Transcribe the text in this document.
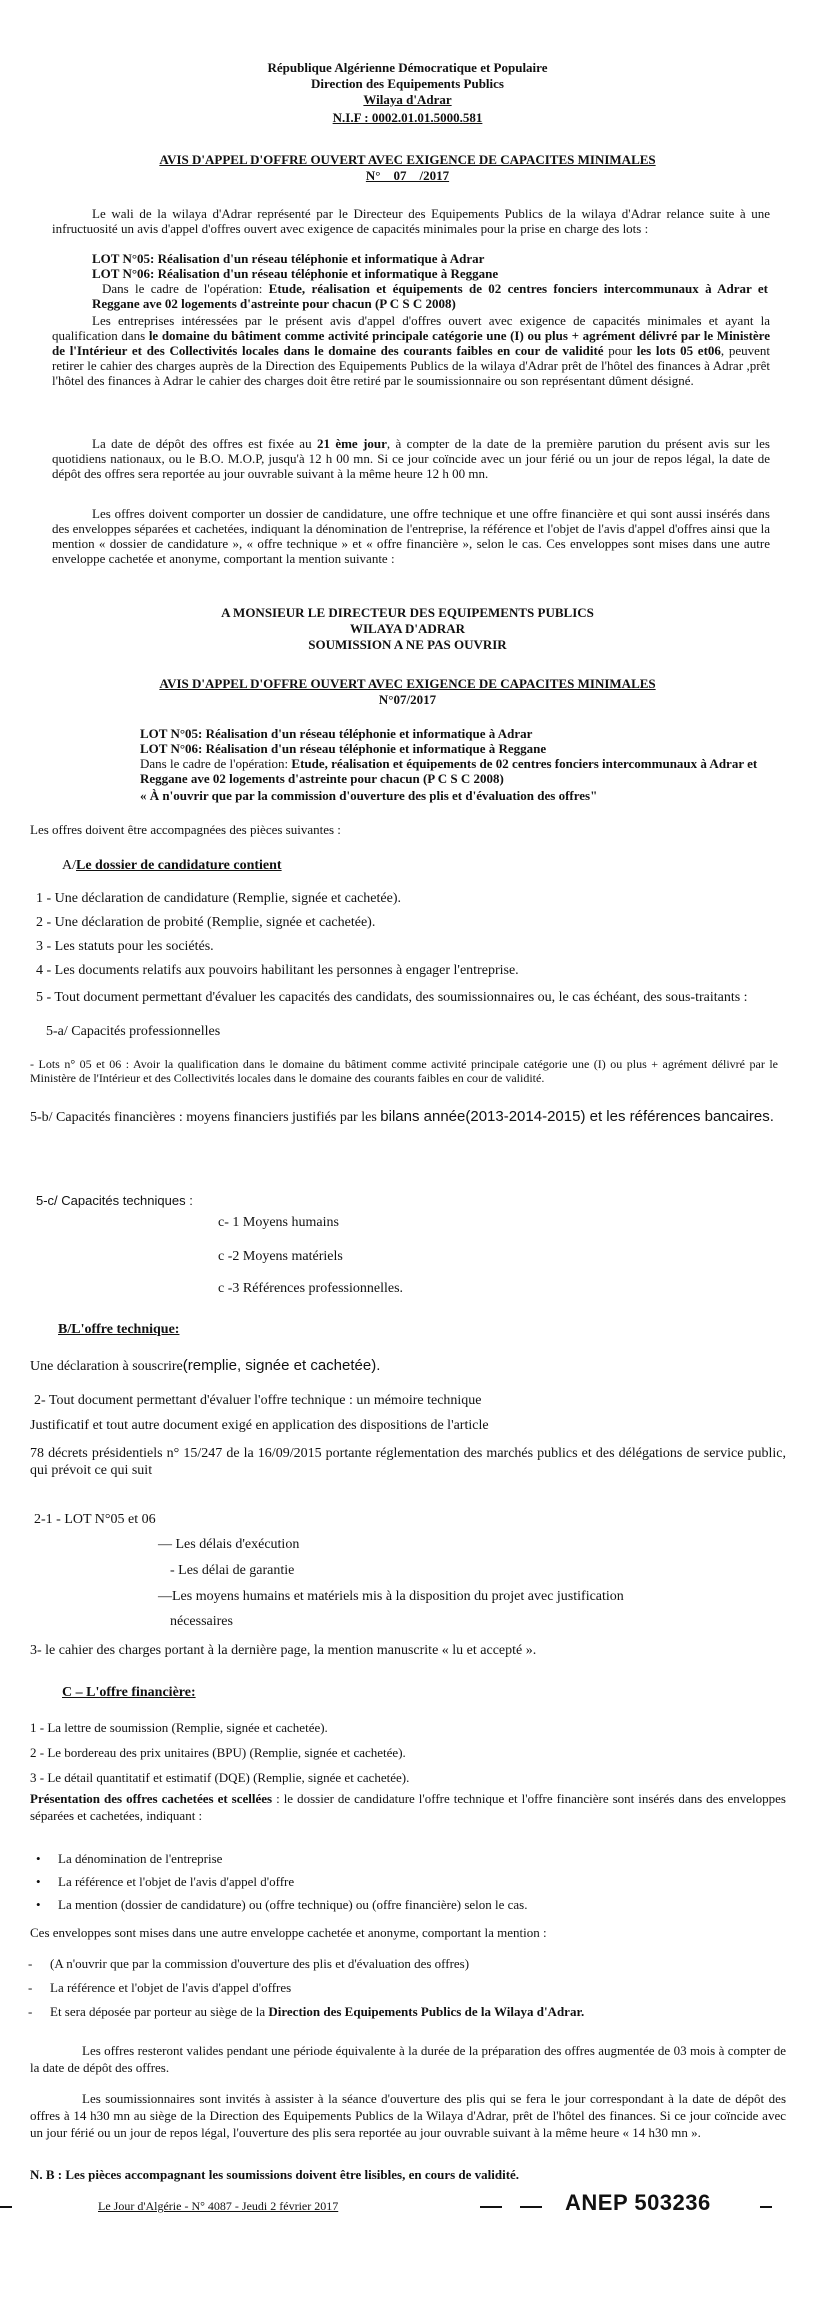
République Algérienne Démocratique et Populaire
Direction des Equipements Publics
Wilaya d'Adrar
N.I.F : 0002.01.01.5000.581
AVIS D'APPEL D'OFFRE OUVERT AVEC EXIGENCE DE CAPACITES MINIMALES
N°    07    /2017
Le wali de la wilaya d'Adrar représenté par le Directeur des Equipements Publics de la wilaya d'Adrar relance suite à une infructuosité un avis d'appel d'offres ouvert avec exigence de capacités minimales pour la prise en charge des lots :
LOT N°05: Réalisation d'un réseau téléphonie et informatique à Adrar
LOT N°06: Réalisation d'un réseau téléphonie et informatique à Reggane
Dans le cadre de l'opération: Etude, réalisation et équipements de 02 centres fonciers intercommunaux à Adrar et Reggane ave 02 logements d'astreinte pour chacun (P C S C 2008)
Les entreprises intéressées par le présent avis d'appel d'offres ouvert avec exigence de capacités minimales et ayant la qualification dans le domaine du bâtiment comme activité principale catégorie une (I) ou plus + agrément délivré par le Ministère de l'Intérieur et des Collectivités locales dans le domaine des courants faibles en cour de validité pour les lots 05 et06, peuvent retirer le cahier des charges auprès de la Direction des Equipements Publics de la wilaya d'Adrar prêt de l'hôtel des finances à Adrar ,prêt l'hôtel des finances à Adrar le cahier des charges doit être retiré par le soumissionnaire ou son représentant dûment désigné.
La date de dépôt des offres est fixée au 21 ème jour, à compter de la date de la première parution du présent avis sur les quotidiens nationaux, ou le B.O. M.O.P, jusqu'à 12 h 00 mn. Si ce jour coïncide avec un jour férié ou un jour de repos légal, la date de dépôt des offres sera reportée au jour ouvrable suivant à la même heure 12 h 00 mn.
Les offres doivent comporter un dossier de candidature, une offre technique et une offre financière et qui sont aussi insérés dans des enveloppes séparées et cachetées, indiquant la dénomination de l'entreprise, la référence et l'objet de l'avis d'appel d'offres ainsi que la mention « dossier de candidature », « offre technique » et « offre financière », selon le cas. Ces enveloppes sont mises dans une autre enveloppe cachetée et anonyme, comportant la mention suivante :
A MONSIEUR LE DIRECTEUR DES EQUIPEMENTS PUBLICS
WILAYA D'ADRAR
SOUMISSION A NE PAS OUVRIR
AVIS D'APPEL D'OFFRE OUVERT AVEC EXIGENCE DE CAPACITES MINIMALES
N°07/2017
LOT N°05: Réalisation d'un réseau téléphonie et informatique à Adrar
LOT N°06: Réalisation d'un réseau téléphonie et informatique à Reggane
Dans le cadre de l'opération: Etude, réalisation et équipements de 02 centres fonciers intercommunaux à Adrar et Reggane ave 02 logements d'astreinte pour chacun (P C S C 2008)
« À n'ouvrir que par la commission d'ouverture des plis et d'évaluation des offres"
Les offres doivent être accompagnées des pièces suivantes :
A/Le dossier de candidature contient
1 - Une déclaration de candidature (Remplie, signée et cachetée).
2 - Une déclaration de probité (Remplie, signée et cachetée).
3 - Les statuts pour les sociétés.
4 - Les documents relatifs aux pouvoirs habilitant les personnes à engager l'entreprise.
5 - Tout document permettant d'évaluer les capacités des candidats, des soumissionnaires ou, le cas échéant, des sous-traitants :
5-a/ Capacités professionnelles
- Lots n° 05 et 06 : Avoir la qualification dans le domaine du bâtiment comme activité principale catégorie une (I) ou plus + agrément délivré par le Ministère de l'Intérieur et des Collectivités locales dans le domaine des courants faibles en cour de validité.
5-b/ Capacités financières : moyens financiers justifiés par les bilans année(2013-2014-2015) et les références bancaires.
5-c/ Capacités techniques :
c- 1 Moyens humains
c -2 Moyens matériels
c -3 Références professionnelles.
B/L'offre technique:
Une déclaration à souscrire(remplie, signée et cachetée).
2- Tout document permettant d'évaluer l'offre technique : un mémoire technique
Justificatif et tout autre document exigé en application des dispositions de l'article
78 décrets présidentiels n° 15/247 de la 16/09/2015 portante réglementation des marchés publics et des délégations de service public, qui prévoit ce qui suit
2-1 - LOT N°05 et 06
— Les délais d'exécution
- Les délai de garantie
—Les moyens humains et matériels mis à la disposition du projet avec justification
nécessaires
3- le cahier des charges portant à la dernière page, la mention manuscrite « lu et accepté ».
C – L'offre financière:
1 - La lettre de soumission (Remplie, signée et cachetée).
2 - Le bordereau des prix unitaires (BPU) (Remplie, signée et cachetée).
3 - Le détail quantitatif et estimatif (DQE) (Remplie, signée et cachetée).
Présentation des offres cachetées et scellées : le dossier de candidature l'offre technique et l'offre financière sont insérés dans des enveloppes séparées et cachetées, indiquant :
• La dénomination de l'entreprise
• La référence et l'objet de l'avis d'appel d'offre
• La mention (dossier de candidature) ou (offre technique) ou (offre financière) selon le cas.
Ces enveloppes sont mises dans une autre enveloppe cachetée et anonyme, comportant la mention :
- (A n'ouvrir que par la commission d'ouverture des plis et d'évaluation des offres)
- La référence et l'objet de l'avis d'appel d'offres
- Et sera déposée par porteur au siège de la Direction des Equipements Publics de la Wilaya d'Adrar.
Les offres resteront valides pendant une période équivalente à la durée de la préparation des offres augmentée de 03 mois à compter de la date de dépôt des offres.
Les soumissionnaires sont invités à assister à la séance d'ouverture des plis qui se fera le jour correspondant à la date de dépôt des offres à 14 h30 mn au siège de la Direction des Equipements Publics de la Wilaya d'Adrar, prêt de l'hôtel des finances. Si ce jour coïncide avec un jour férié ou un jour de repos légal, l'ouverture des plis sera reportée au jour ouvrable suivant à la même heure « 14 h30 mn ».
N. B : Les pièces accompagnant les soumissions doivent être lisibles, en cours de validité.
Le Jour d'Algérie - N° 4087 - Jeudi 2 février 2017	ANEP 503236
